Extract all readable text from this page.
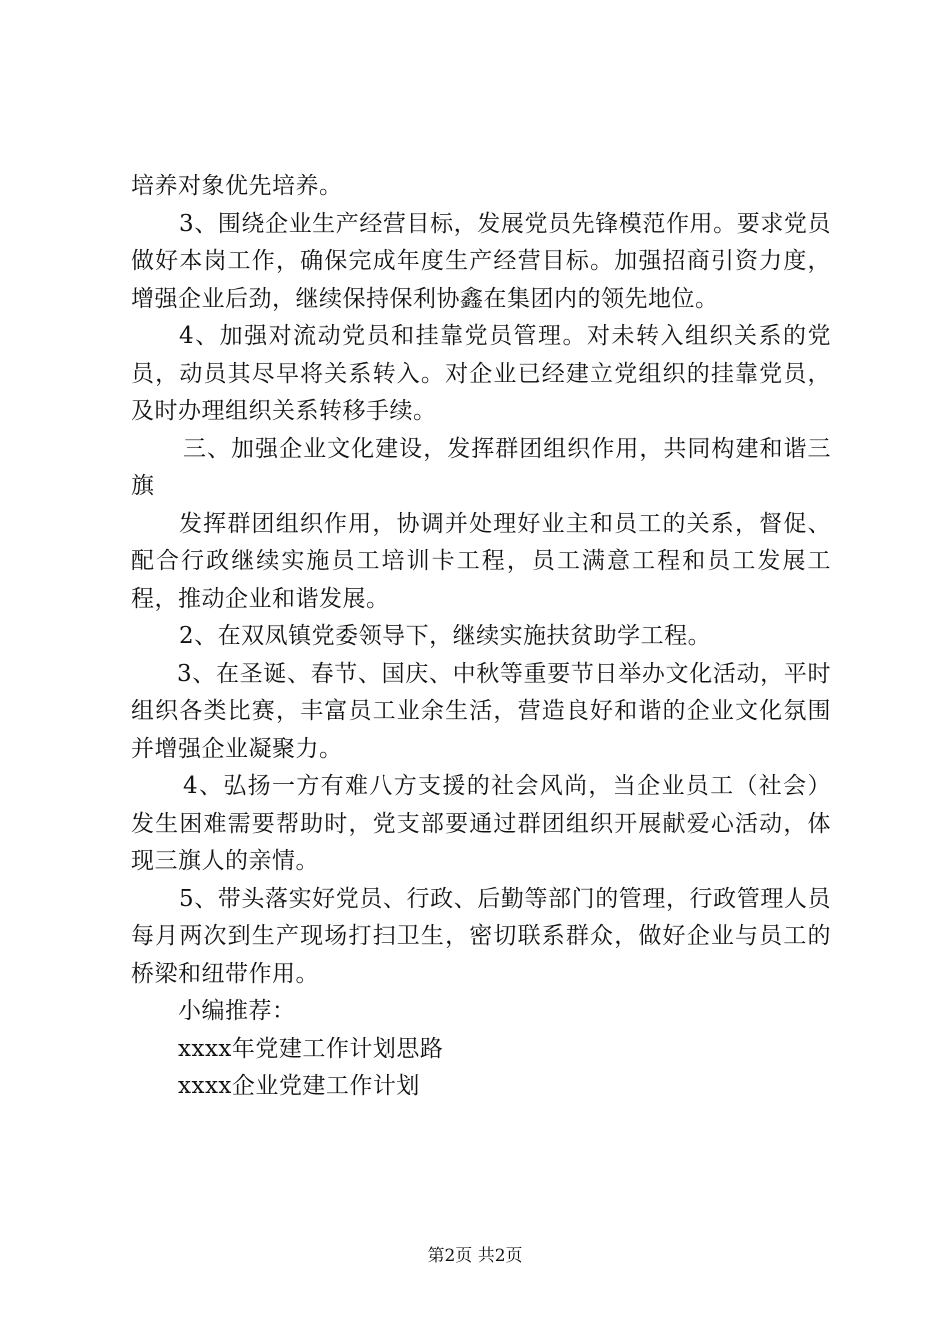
培养对象优先培养。

3、围绕企业生产经营目标，发展党员先锋模范作用。要求党员做好本岗工作，确保完成年度生产经营目标。加强招商引资力度，增强企业后劲，继续保持保利协鑫在集团内的领先地位。

4、加强对流动党员和挂靠党员管理。对未转入组织关系的党员，动员其尽早将关系转入。对企业已经建立党组织的挂靠党员，及时办理组织关系转移手续。

三、加强企业文化建设，发挥群团组织作用，共同构建和谐三旗

发挥群团组织作用，协调并处理好业主和员工的关系，督促、配合行政继续实施员工培训卡工程，员工满意工程和员工发展工程，推动企业和谐发展。

2、在双凤镇党委领导下，继续实施扶贫助学工程。

3、在圣诞、春节、国庆、中秋等重要节日举办文化活动，平时组织各类比赛，丰富员工业余生活，营造良好和谐的企业文化氛围并增强企业凝聚力。

4、弘扬一方有难八方支援的社会风尚，当企业员工（社会）发生困难需要帮助时，党支部要通过群团组织开展献爱心活动，体现三旗人的亲情。

5、带头落实好党员、行政、后勤等部门的管理，行政管理人员每月两次到生产现场打扫卫生，密切联系群众，做好企业与员工的桥梁和纽带作用。

小编推荐：

xxxx年党建工作计划思路

xxxx企业党建工作计划

第2页 共2页
